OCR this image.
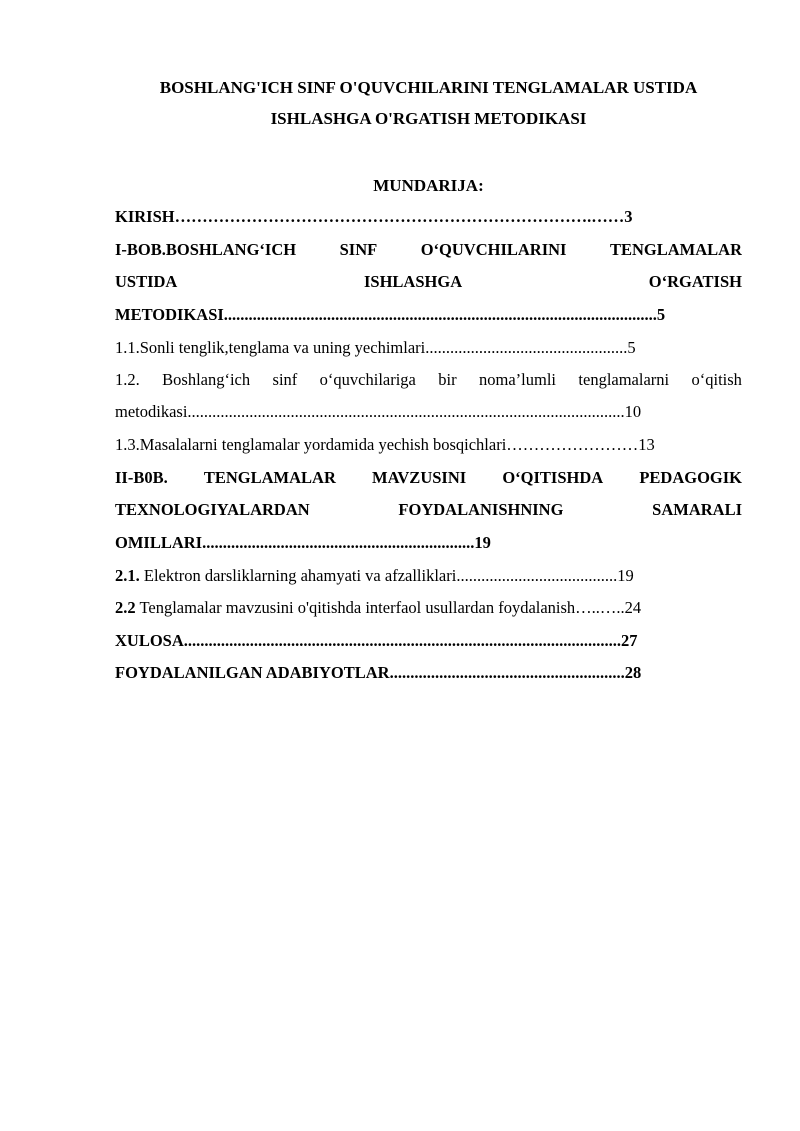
BOSHLANG'ICH SINF O'QUVCHILARINI TENGLAMALAR USTIDA
ISHLASHGA O'RGATISH METODIKASI
MUNDARIJA:
KIRISH………………………………………………………………….……3
I-BOB.BOSHLANG‘ICH	SINF	O‘QUVCHILARINI	TENGLAMALAR
USTIDA	ISHLASHGA	O‘RGATISH
METODIKASI.........................................................................................................5
1.1.Sonli tenglik,tenglama va uning yechimlari.................................................5
1.2. Boshlang‘ich sinf o‘quvchilariga bir noma’lumli tenglamalarni o‘qitish
metodikasi..........................................................................................................10
1.3.Masalalarni tenglamalar yordamida yechish bosqichlari……………………13
II-B0B. TENGLAMALAR MAVZUSINI O‘QITISHDA PEDAGOGIK
TEXNOLOGIYALARDAN	FOYDALANISHNING	SAMARALI
OMILLARI..................................................................19
2.1. Elektron darsliklarning ahamyati va afzalliklari.......................................19
2.2 Tenglamalar mavzusini o'qitishda interfaol usullardan foydalanish…..…..24
XULOSA..........................................................................................................27
FOYDALANILGAN ADABIYOTLAR.........................................................28
